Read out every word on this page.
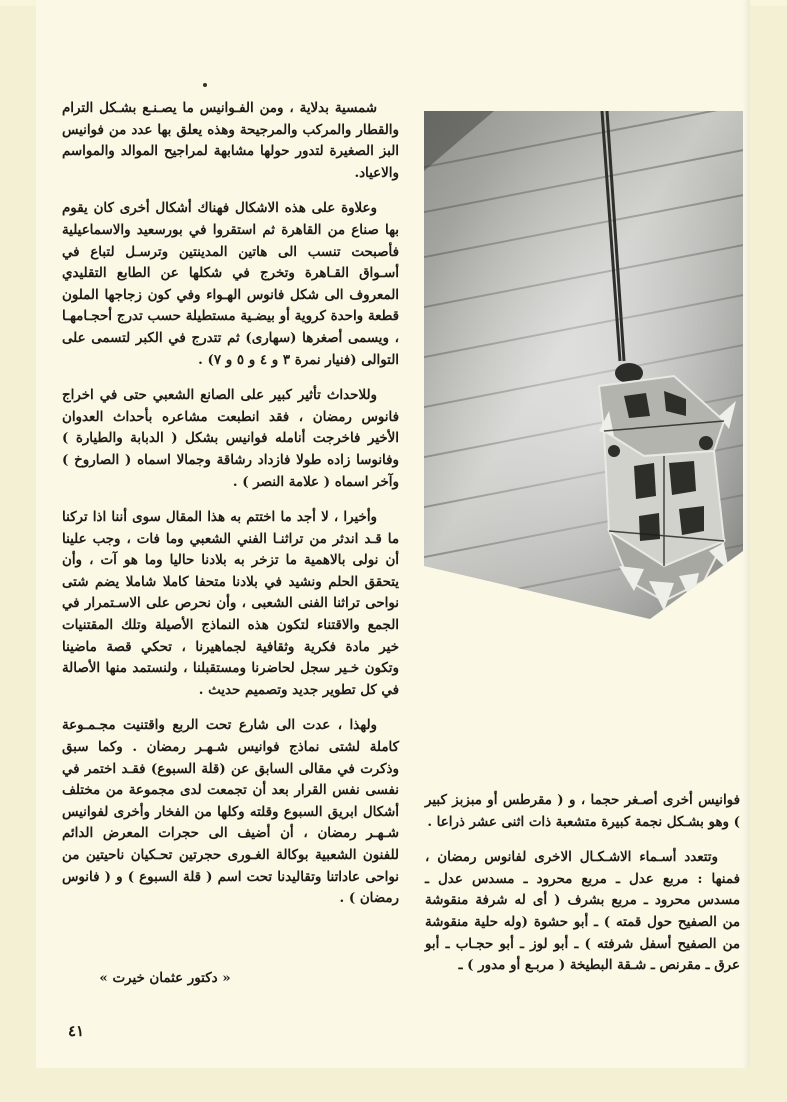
شمسية بدلاية ، ومن الفـوانيس ما يصـنـع بشـكل الترام والقطار والمركب والمرجيحة وهذه يعلق بها عدد من فوانيس البز الصغيرة لتدور حولها مشابهة لمراجيح الموالد والمواسم والاعياد.

وعلاوة على هذه الاشكال فهناك أشكال أخرى كان يقوم بها صناع من القاهرة ثم استقروا في بورسعيد والاسماعيلية فأصبحت تنسب الى هاتين المدينتين وترسـل لتباع في أسـواق القـاهرة وتخرج في شكلها عن الطابع التقليدي المعروف الى شكل فانوس الهـواء وفي كون زجاجها الملون قطعة واحدة كروية أو بيضـية مستطيلة حسب تدرج أحجـامهـا ، ويسمى أصغرها (سهارى) ثم تتدرج في الكبر لتسمى على التوالى (فنيار نمرة ٣ و ٤ و ٥ و ٧) .

وللاحداث تأثير كبير على الصانع الشعبي حتى في اخراج فانوس رمضان ، فقد انطبعت مشاعره بأحداث العدوان الأخير فاخرجت أنامله فوانيس بشكل ( الدبابة والطيارة ) وفانوسا زاده طولا فازداد رشاقة وجمالا اسماه ( الصاروخ ) وآخر اسماه ( علامة النصر ) .

وأخيرا ، لا أجد ما اختتم به هذا المقال سوى أننا اذا تركنا ما قـد اندثر من تراثنـا الفني الشعبي وما فات ، وجب علينا أن نولى بالاهمية ما تزخر به بلادنا حاليا وما هو آت ، وأن يتحقق الحلم ونشيد في بلادنا متحفا كاملا شاملا يضم شتى نواحى تراثنا الفنى الشعبى ، وأن نحرص على الاسـتمرار في الجمع والاقتناء لتكون هذه النماذج الأصيلة وتلك المقتنيات خير مادة فكرية وثقافية لجماهيرنا ، تحكي قصة ماضينا وتكون خـير سجل لحاضرنا ومستقبلنا ، ولنستمد منها الأصالة في كل تطوير جديد وتصميم حديث .

ولهذا ، عدت الى شارع تحت الربع واقتنيت مجـمـوعة كاملة لشتى نماذج فوانيس شـهـر رمضان . وكما سبق وذكرت في مقالى السابق عن (قلة السبوع) فقـد اختمر في نفسى نفس القرار بعد أن تجمعت لدى مجموعة من مختلف أشكال ابريق السبوع وقلته وكلها من الفخار وأخرى لفوانيس شـهـر رمضان ، أن أضيف الى حجرات المعرض الدائم للفنون الشعبية بوكالة الغـورى حجرتين تحـكيان ناحيتين من نواحى عاداتنا وتقاليدنا تحت اسم ( قلة السبوع ) و ( فانوس رمضان ) .

فوانيس أخرى أصـغر حجما ، و ( مقرطس أو مبزبز كبير ) وهو بشـكل نجمة كبيرة متشعبة ذات اثنى عشر ذراعا .

وتتعدد أسـماء الاشـكـال الاخرى لفانوس رمضان ، فمنها : مربع عدل ـ مربع محرود ـ مسدس عدل ـ مسدس محرود ـ مربع بشرف ( أى له شرفة منقوشة من الصفيح حول قمته ) ـ أبو حشوة (وله حلية منقوشة من الصفيح أسفل شرفته ) ـ أبو لوز ـ أبو حجـاب ـ أبو عرق ـ مقرنص ـ شـقة البطيخة ( مربـع أو مدور ) ـ

« دكتور عثمان خيرت »
٤١
